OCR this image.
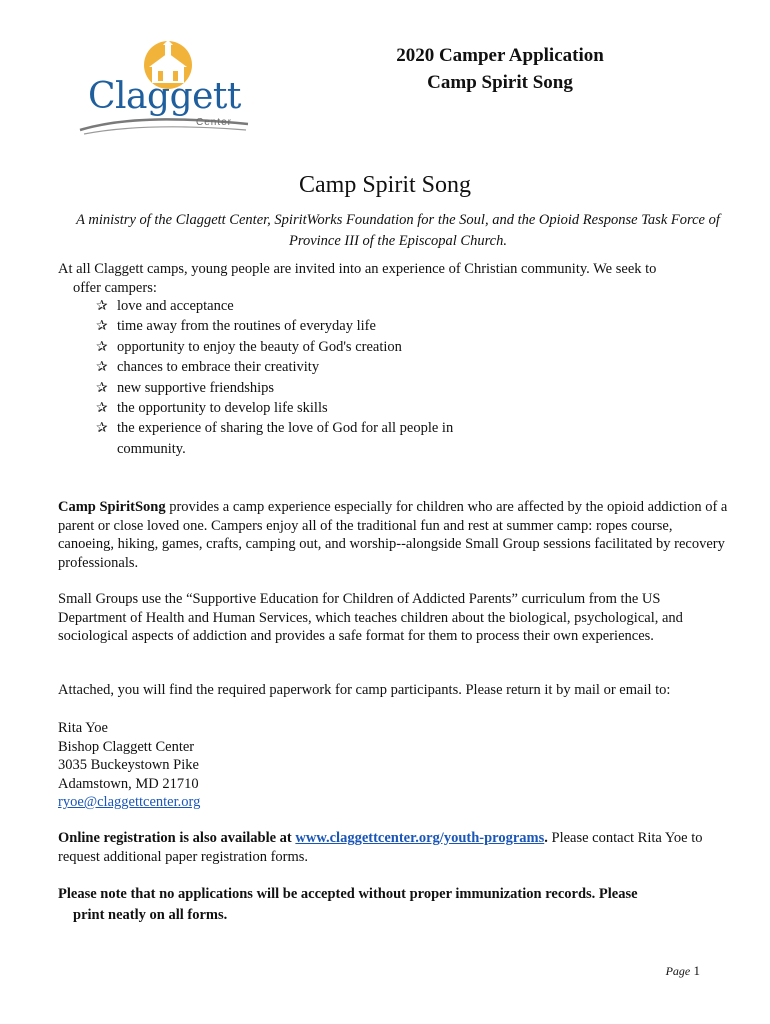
Claggett
Center
2020 Camper Application
Camp Spirit Song
Camp Spirit Song
A ministry of the Claggett Center, SpiritWorks Foundation for the Soul, and the Opioid Response Task Force of Province III of the Episcopal Church.

At all Claggett camps, young people are invited into an experience of Christian community. We seek to
offer campers:

✰ love and acceptance
✰ time away from the routines of everyday life
✰ opportunity to enjoy the beauty of God's creation
✰ chances to embrace their creativity
✰ new supportive friendships
✰ the opportunity to develop life skills
✰ the experience of sharing the love of God for all people in community.

Camp SpiritSong provides a camp experience especially for children who are affected by the opioid addiction of a parent or close loved one. Campers enjoy all of the traditional fun and rest at summer camp: ropes course, canoeing, hiking, games, crafts, camping out, and worship--alongside Small Group sessions facilitated by recovery professionals.

Small Groups use the “Supportive Education for Children of Addicted Parents” curriculum from the US Department of Health and Human Services, which teaches children about the biological, psychological, and sociological aspects of addiction and provides a safe format for them to process their own experiences.

Attached, you will find the required paperwork for camp participants. Please return it by mail or email to:

Rita Yoe
Bishop Claggett Center
3035 Buckeystown Pike
Adamstown, MD 21710
ryoe@claggettcenter.org

Online registration is also available at www.claggettcenter.org/youth-programs. Please contact Rita Yoe to request additional paper registration forms.

Please note that no applications will be accepted without proper immunization records. Please
print neatly on all forms.

Page 1
